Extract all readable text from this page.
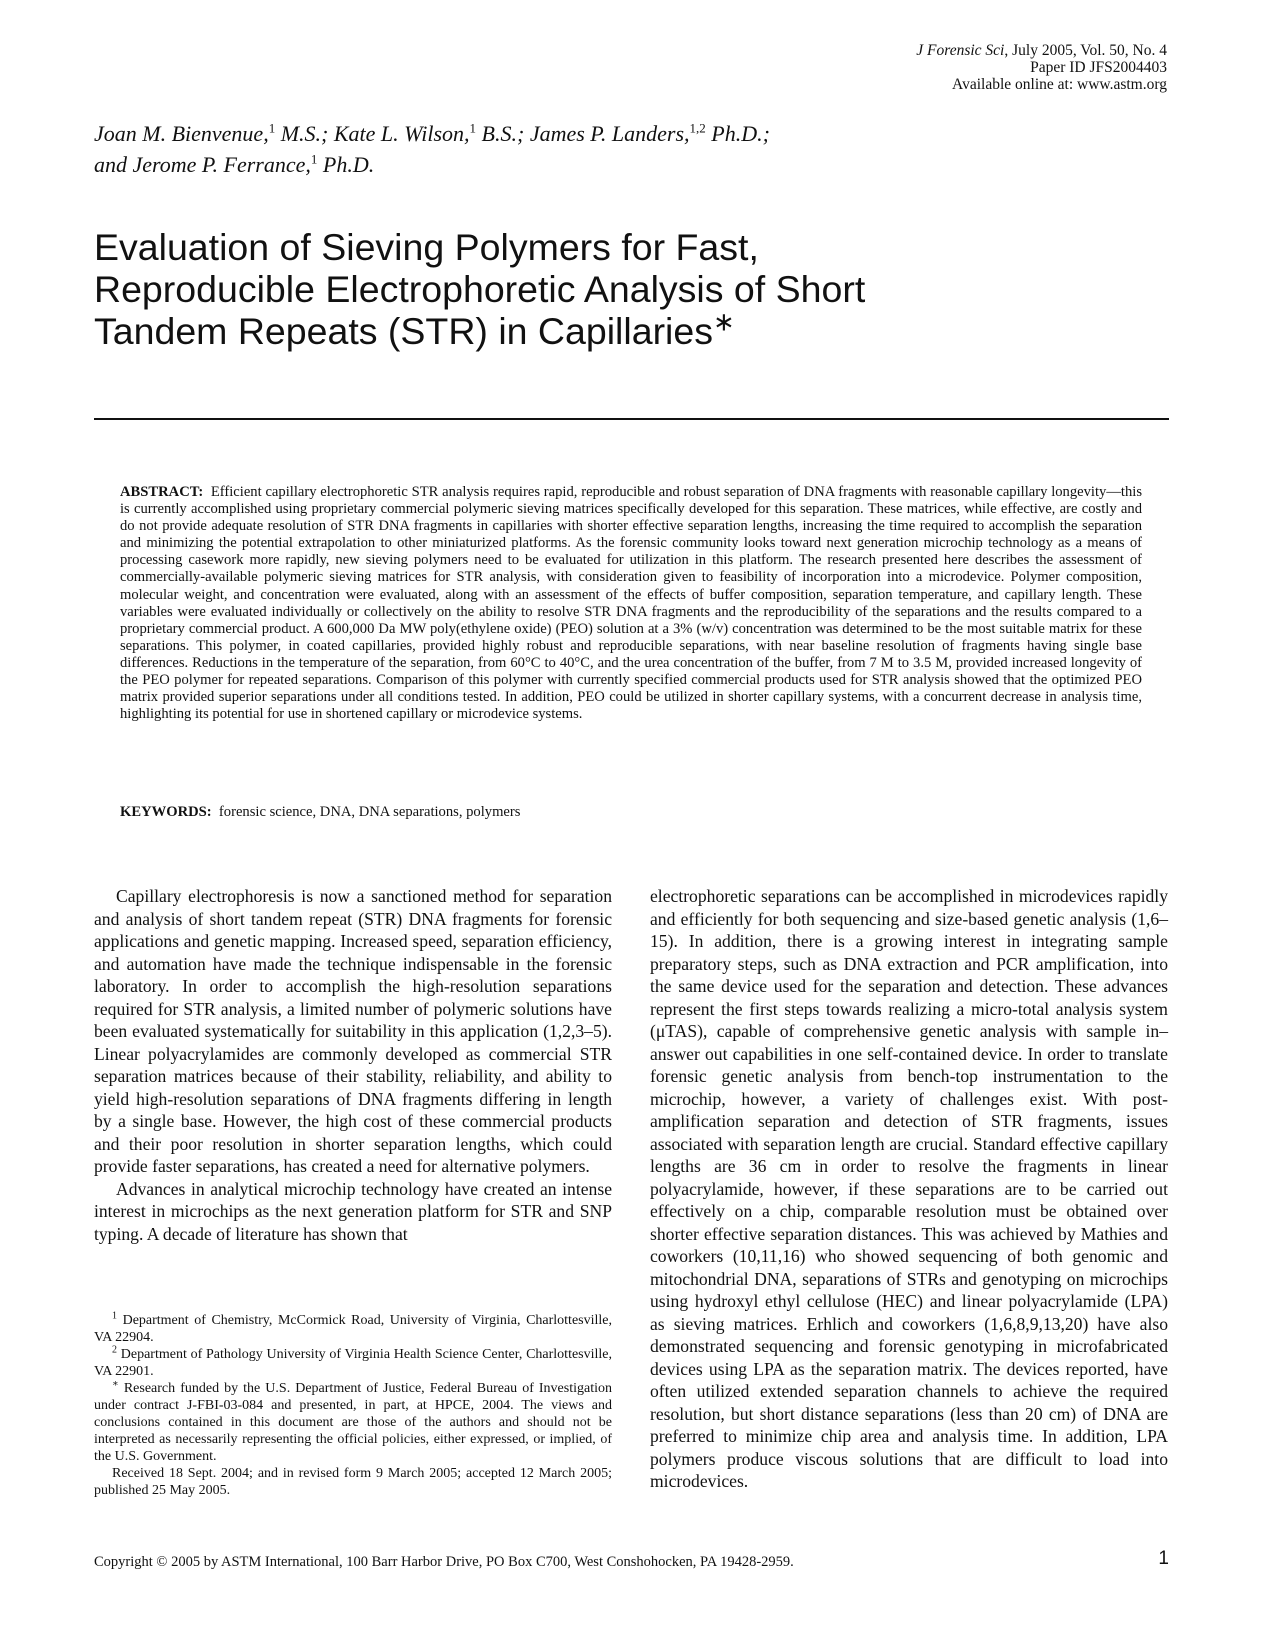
J Forensic Sci, July 2005, Vol. 50, No. 4
Paper ID JFS2004403
Available online at: www.astm.org
Joan M. Bienvenue,$^1$ M.S.; Kate L. Wilson,$^1$ B.S.; James P. Landers,$^{1,2}$ Ph.D.;
and Jerome P. Ferrance,$^1$ Ph.D.
Evaluation of Sieving Polymers for Fast,
Reproducible Electrophoretic Analysis of Short
Tandem Repeats (STR) in Capillaries∗
ABSTRACT: Efficient capillary electrophoretic STR analysis requires rapid, reproducible and robust separation of DNA fragments with reasonable capillary longevity—this is currently accomplished using proprietary commercial polymeric sieving matrices specifically developed for this separation. These matrices, while effective, are costly and do not provide adequate resolution of STR DNA fragments in capillaries with shorter effective separation lengths, increasing the time required to accomplish the separation and minimizing the potential extrapolation to other miniaturized platforms. As the forensic community looks toward next generation microchip technology as a means of processing casework more rapidly, new sieving polymers need to be evaluated for utilization in this platform. The research presented here describes the assessment of commercially-available polymeric sieving matrices for STR analysis, with consideration given to feasibility of incorporation into a microdevice. Polymer composition, molecular weight, and concentration were evaluated, along with an assessment of the effects of buffer composition, separation temperature, and capillary length. These variables were evaluated individually or collectively on the ability to resolve STR DNA fragments and the reproducibility of the separations and the results compared to a proprietary commercial product. A 600,000 Da MW poly(ethylene oxide) (PEO) solution at a 3% (w/v) concentration was determined to be the most suitable matrix for these separations. This polymer, in coated capillaries, provided highly robust and reproducible separations, with near baseline resolution of fragments having single base differences. Reductions in the temperature of the separation, from 60°C to 40°C, and the urea concentration of the buffer, from 7 M to 3.5 M, provided increased longevity of the PEO polymer for repeated separations. Comparison of this polymer with currently specified commercial products used for STR analysis showed that the optimized PEO matrix provided superior separations under all conditions tested. In addition, PEO could be utilized in shorter capillary systems, with a concurrent decrease in analysis time, highlighting its potential for use in shortened capillary or microdevice systems.
KEYWORDS: forensic science, DNA, DNA separations, polymers

Capillary electrophoresis is now a sanctioned method for separation and analysis of short tandem repeat (STR) DNA fragments for forensic applications and genetic mapping. Increased speed, separation efficiency, and automation have made the technique indispensable in the forensic laboratory. In order to accomplish the high-resolution separations required for STR analysis, a limited number of polymeric solutions have been evaluated systematically for suitability in this application (1,2,3–5). Linear polyacrylamides are commonly developed as commercial STR separation matrices because of their stability, reliability, and ability to yield high-resolution separations of DNA fragments differing in length by a single base. However, the high cost of these commercial products and their poor resolution in shorter separation lengths, which could provide faster separations, has created a need for alternative polymers.

Advances in analytical microchip technology have created an intense interest in microchips as the next generation platform for STR and SNP typing. A decade of literature has shown that

$^1$ Department of Chemistry, McCormick Road, University of Virginia, Charlottesville, VA 22904.

$^2$ Department of Pathology University of Virginia Health Science Center, Charlottesville, VA 22901.

∗ Research funded by the U.S. Department of Justice, Federal Bureau of Investigation under contract J-FBI-03-084 and presented, in part, at HPCE, 2004. The views and conclusions contained in this document are those of the authors and should not be interpreted as necessarily representing the official policies, either expressed, or implied, of the U.S. Government.

Received 18 Sept. 2004; and in revised form 9 March 2005; accepted 12 March 2005; published 25 May 2005.

electrophoretic separations can be accomplished in microdevices rapidly and efficiently for both sequencing and size-based genetic analysis (1,6–15). In addition, there is a growing interest in integrating sample preparatory steps, such as DNA extraction and PCR amplification, into the same device used for the separation and detection. These advances represent the first steps towards realizing a micro-total analysis system (μTAS), capable of comprehensive genetic analysis with sample in–answer out capabilities in one self-contained device. In order to translate forensic genetic analysis from bench-top instrumentation to the microchip, however, a variety of challenges exist. With post-amplification separation and detection of STR fragments, issues associated with separation length are crucial. Standard effective capillary lengths are 36 cm in order to resolve the fragments in linear polyacrylamide, however, if these separations are to be carried out effectively on a chip, comparable resolution must be obtained over shorter effective separation distances. This was achieved by Mathies and coworkers (10,11,16) who showed sequencing of both genomic and mitochondrial DNA, separations of STRs and genotyping on microchips using hydroxyl ethyl cellulose (HEC) and linear polyacrylamide (LPA) as sieving matrices. Erhlich and coworkers (1,6,8,9,13,20) have also demonstrated sequencing and forensic genotyping in microfabricated devices using LPA as the separation matrix. The devices reported, have often utilized extended separation channels to achieve the required resolution, but short distance separations (less than 20 cm) of DNA are preferred to minimize chip area and analysis time. In addition, LPA polymers produce viscous solutions that are difficult to load into microdevices.

Copyright © 2005 by ASTM International, 100 Barr Harbor Drive, PO Box C700, West Conshohocken, PA 19428-2959.	1
